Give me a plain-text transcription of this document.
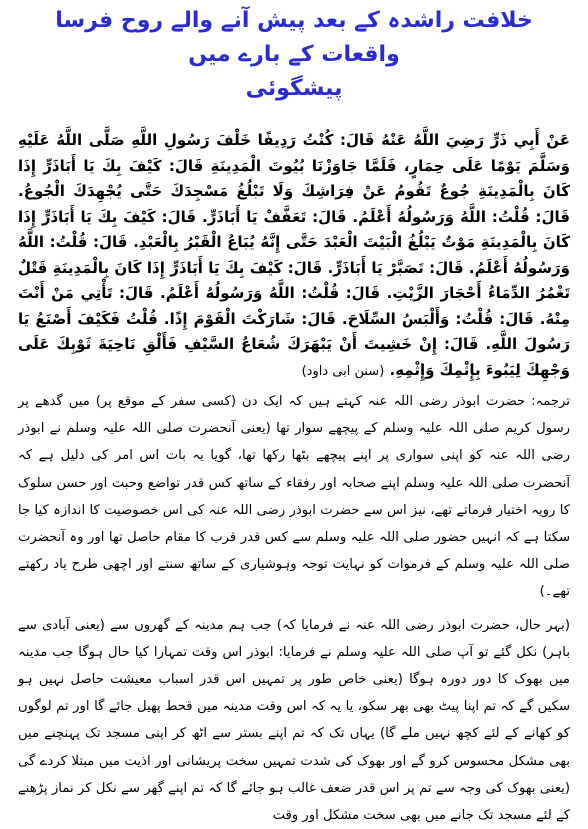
خلافت راشدہ کے بعد پیش آنے والے روح فرسا واقعات کے بارے میں
پیشگوئی
عَنْ أَبِي ذَرٍّ رَضِيَ اللَّهُ عَنْهُ قَالَ: كُنْتُ رَدِيفًا خَلْفَ رَسُولِ اللَّهِ صَلَّى اللَّهُ عَلَيْهِ وَسَلَّمَ يَوْمًا عَلَى حِمَارٍ، فَلَمَّا جَاوَزْنَا بُيُوتَ الْمَدِينَةِ قَالَ: كَيْفَ بِكَ يَا أَبَاذَرٍّ إِذَا كَانَ بِالْمَدِينَةِ جُوعٌ تَقُومُ عَنْ فِرَاشِكَ وَلَا تَبْلُغُ مَسْجِدَكَ حَتَّى يُجْهِدَكَ الْجُوعُ. قَالَ: قُلْتُ: اللَّهُ وَرَسُولُهُ أَعْلَمُ. قَالَ: تَعَفَّفْ يَا أَبَاذَرٍّ. قَالَ: كَيْفَ بِكَ يَا أَبَاذَرٍّ إِذَا كَانَ بِالْمَدِينَةِ مَوْتٌ يَبْلُغُ الْبَيْتَ الْعَبْدَ حَتَّى إِنَّهُ يُبَاعُ الْقَبْرُ بِالْعَبْدِ. قَالَ: قُلْتُ: اللَّهُ وَرَسُولُهُ أَعْلَمُ. قَالَ: تَصَبَّرْ يَا أَبَاذَرٍّ. قَالَ: كَيْفَ بِكَ يَا أَبَاذَرٍّ إِذَا كَانَ بِالْمَدِينَةِ قَتْلٌ تَغْمُرُ الدِّمَاءُ أَحْجَارَ الزَّيْتِ. قَالَ: قُلْتُ: اللَّهُ وَرَسُولُهُ أَعْلَمُ. قَالَ: تَأْتِي مَنْ أَنْتَ مِنْهُ. قَالَ: قُلْتُ: وَأَلْبَسُ السِّلَاحَ. قَالَ: شَارَكْتَ الْقَوْمَ إِذًا. قُلْتُ فَكَيْفَ أَصْنَعُ يَا رَسُولَ اللَّهِ. قَالَ: إِنْ خَشِيتَ أَنْ يَبْهَرَكَ شُعَاعُ السَّيْفِ فَأَلْقِ نَاحِيَةَ ثَوْبِكَ عَلَى وَجْهِكَ لِيَبُوءَ بِإِثْمِكَ وَإِثْمِهِ. (سنن ابی داود)

ترجمہ: حضرت ابوذر رضی اللہ عنہ کہتے ہیں کہ ایک دن (کسی سفر کے موقع پر) میں گدھے پر رسول کریم صلی اللہ علیہ وسلم کے پیچھے سوار تھا (یعنی آنحضرت صلی اللہ علیہ وسلم نے ابوذر رضی اللہ عنہ کو اپنی سواری پر اپنے پیچھے بٹھا رکھا تھا، گویا یہ بات اس امر کی دلیل ہے کہ آنحضرت صلی اللہ علیہ وسلم اپنے صحابہ اور رفقاء کے ساتھ کس قدر تواضع وحبت اور حسن سلوک کا رویہ اختیار فرماتے تھے، نیز اس سے حضرت ابوذر رضی اللہ عنہ کی اس خصوصیت کا اندازہ کیا جا سکتا ہے کہ انہیں حضور صلی اللہ علیہ وسلم سے کس قدر قرب کا مقام حاصل تھا اور وہ آنحضرت صلی اللہ علیہ وسلم کے فرموات کو نہایت توجہ وہوشیاری کے ساتھ سنتے اور اچھی طرح یاد رکھتے تھے۔)

(بہر حال، حضرت ابوذر رضی اللہ عنہ نے فرمایا کہ) جب ہم مدینہ کے گھروں سے (یعنی آبادی سے باہر) نکل گئے تو آپ صلی اللہ علیہ وسلم نے فرمایا: ابوذر اس وقت تمہارا کیا حال ہوگا جب مدینہ میں بھوک کا دور دورہ ہوگا (یعنی خاص طور پر تمہیں اس قدر اسباب معیشت حاصل نہیں ہو سکیں گے کہ تم اپنا پیٹ بھی بھر سکو، یا یہ کہ اس وقت مدینہ میں قحط پھیل جائے گا اور تم لوگوں کو کھانے کے لئے کچھ نہیں ملے گا) یہاں تک کہ تم اپنے بستر سے اٹھ کر اپنی مسجد تک پہنچنے میں بھی مشکل محسوس کرو گے اور بھوک کی شدت تمہیں سخت پریشانی اور اذیت میں مبتلا کردے گی (یعنی بھوک کی وجہ سے تم پر اس قدر ضعف غالب ہو جائے گا کہ تم اپنے گھر سے نکل کر نماز پڑھنے کے لئے مسجد تک جانے میں بھی سخت مشکل اور وقت
